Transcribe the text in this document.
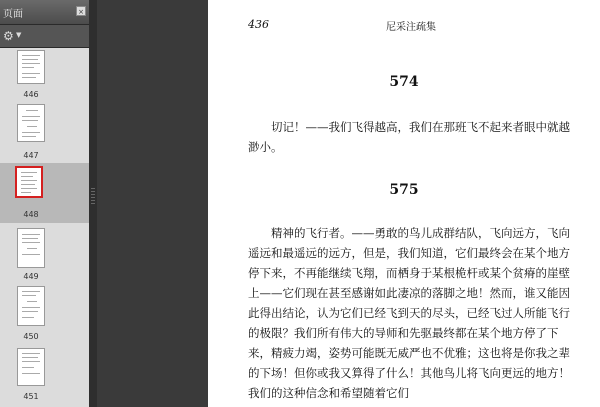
页面	×
⚙ ▼
446
447
448
449
450
451
436	尼采注疏集
574

切记！——我们飞得越高，我们在那班飞不起来者眼中就越渺小。

575

精神的飞行者。——勇敢的鸟儿成群结队，飞向远方，飞向遥远和最遥远的远方，但是，我们知道，它们最终会在某个地方停下来，不再能继续飞翔，而栖身于某根桅杆或某个贫瘠的崖壁上——它们现在甚至感谢如此凄凉的落脚之地！然而，谁又能因此得出结论，认为它们已经飞到天的尽头，已经飞过人所能飞行的极限？我们所有伟大的导师和先驱最终都在某个地方停了下来，精疲力竭，姿势可能既无威严也不优雅；这也将是你我之辈的下场！但你或我又算得了什么！其他鸟儿将飞向更远的地方！我们的这种信念和希望随着它们
